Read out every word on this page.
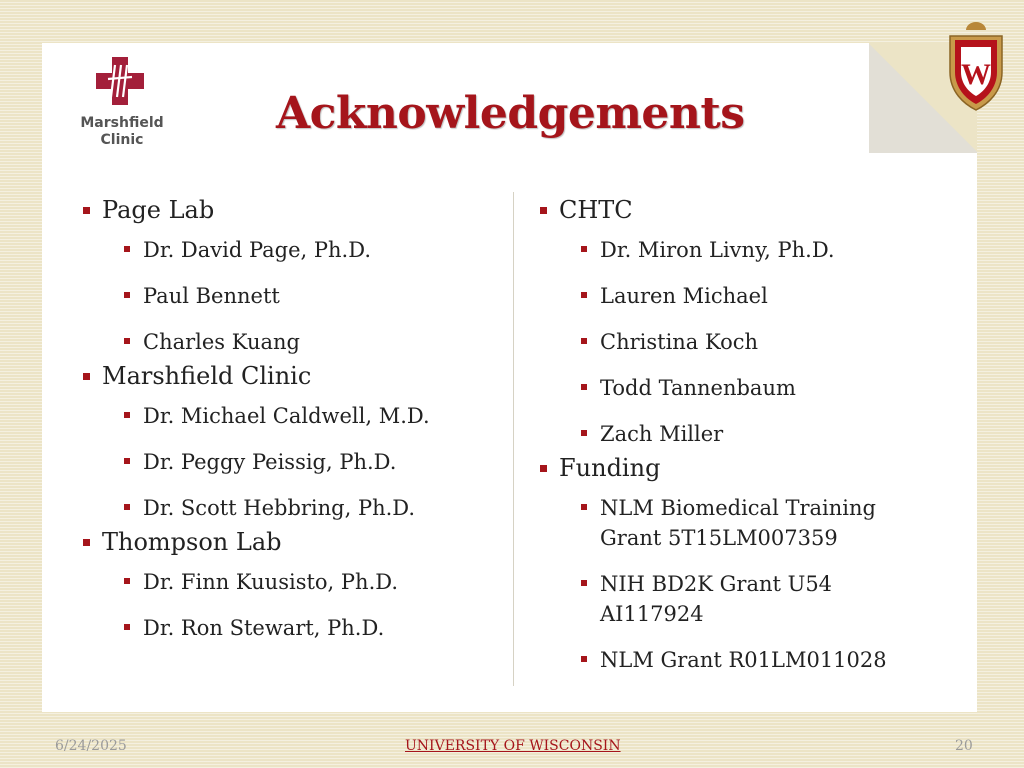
Marshfield
Clinic
W
Acknowledgements
Page Lab
Dr. David Page, Ph.D.
Paul Bennett
Charles Kuang
Marshfield Clinic
Dr. Michael Caldwell, M.D.
Dr. Peggy Peissig, Ph.D.
Dr. Scott Hebbring, Ph.D.
Thompson Lab
Dr. Finn Kuusisto, Ph.D.
Dr. Ron Stewart, Ph.D.
CHTC
Dr. Miron Livny, Ph.D.
Lauren Michael
Christina Koch
Todd Tannenbaum
Zach Miller
Funding
NLM Biomedical Training Grant 5T15LM007359
NIH BD2K Grant U54 AI117924
NLM Grant R01LM011028
6/24/2025	UNIVERSITY OF WISCONSIN	20
